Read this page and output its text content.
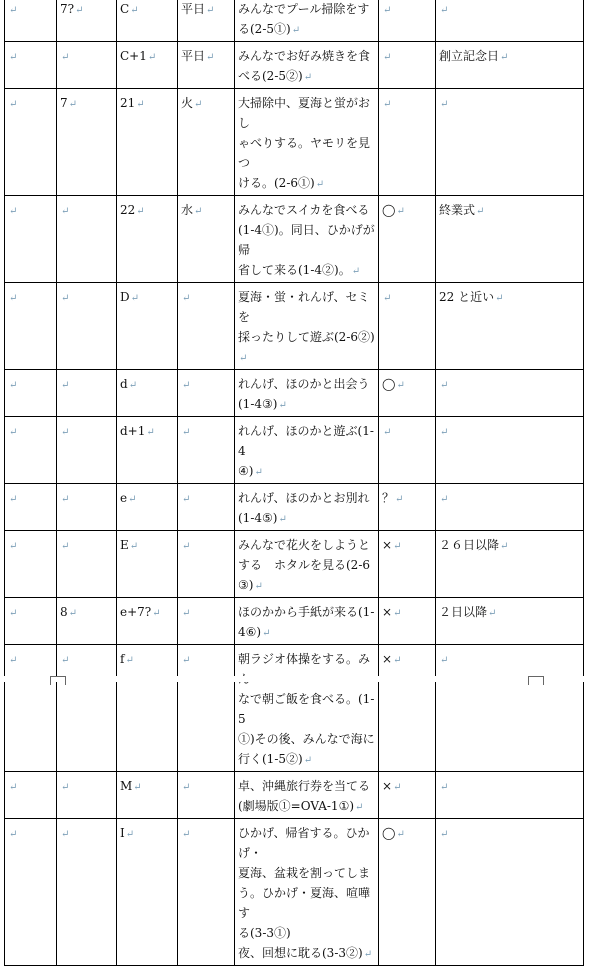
↵	7?↵	C↵	平日↵	みんなでプール掃除をす
る(2-5①)↵	↵	↵
↵	↵	C+1↵	平日↵	みんなでお好み焼きを食
べる(2-5②)↵	↵	創立記念日↵
↵	7↵	21↵	火↵	大掃除中、夏海と蛍がおし
ゃべりする。ヤモリを見つ
ける。(2-6①)↵	↵	↵
↵	↵	22↵	水↵	みんなでスイカを食べる
(1-4①)。同日、ひかげが帰
省して来る(1-4②)。↵	◯↵	終業式↵
↵	↵	D↵	↵	夏海・蛍・れんげ、セミを
採ったりして遊ぶ(2-6②)↵	↵	22 と近い↵
↵	↵	d↵	↵	れんげ、ほのかと出会う
(1-4③)↵	◯↵	↵
↵	↵	d+1↵	↵	れんげ、ほのかと遊ぶ(1-4
④)↵	↵	↵
↵	↵	e↵	↵	れんげ、ほのかとお別れ
(1-4⑤)↵	？↵	↵
↵	↵	E↵	↵	みんなで花火をしようと
する　ホタルを見る(2-6
③)↵	×↵	２６日以降↵
↵	8↵	e+7?↵	↵	ほのかから手紙が来る(1-
4⑥)↵	×↵	２日以降↵
↵	↵	f↵	↵	朝ラジオ体操をする。み
なで朝ご飯を食べる。(1-5
①)その後、みんなで海に
行く(1-5②)↵	×↵	↵
↵	↵	M↵	↵	卓、沖縄旅行券を当てる
(劇場版①=OVA-1①)↵	×↵	↵
↵	↵	I↵	↵	ひかげ、帰省する。ひかげ・
夏海、盆栽を割ってしま
う。ひかげ・夏海、喧嘩す
る(3-3①)
夜、回想に耽る(3-3②)↵	◯↵	↵
